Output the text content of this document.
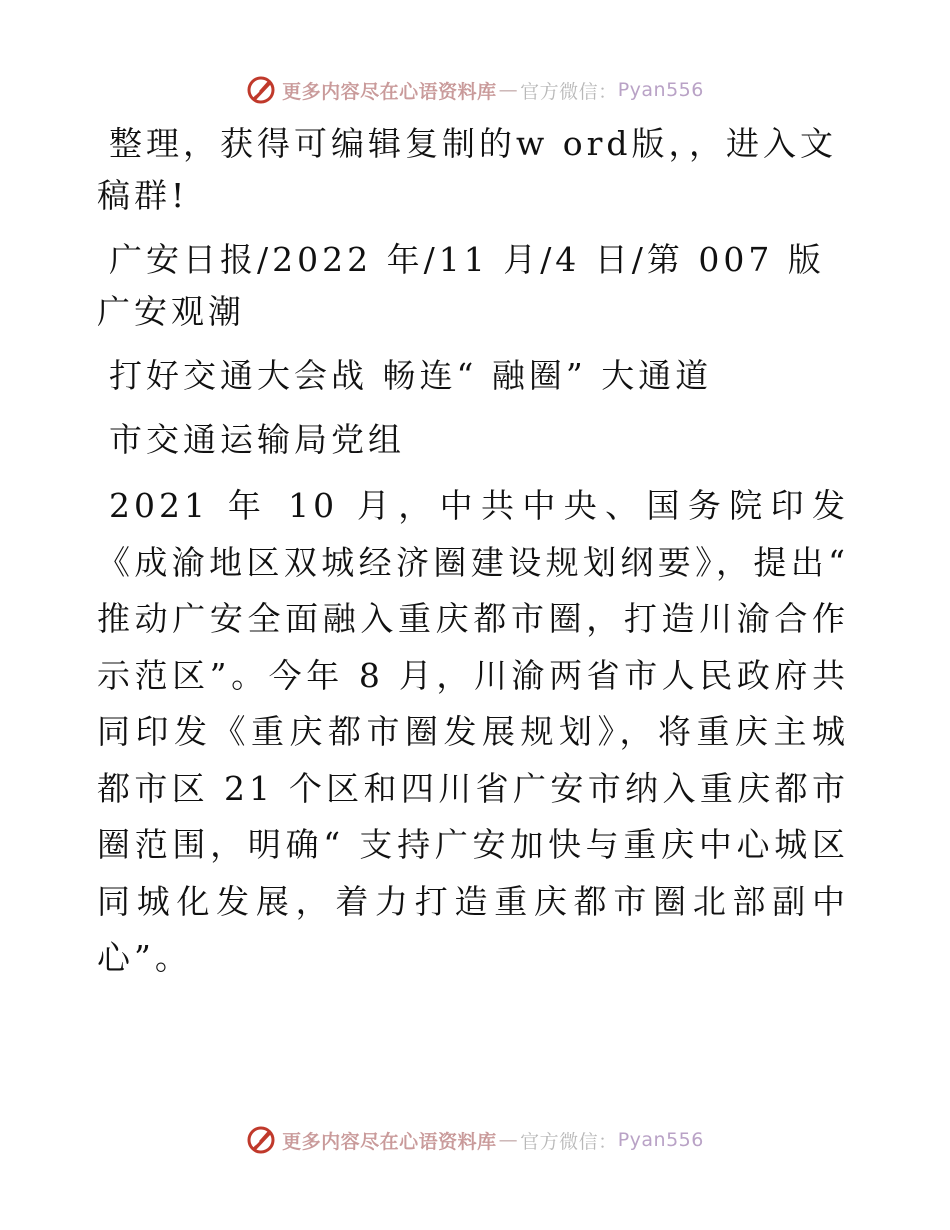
更多内容尽在心语资料库 — 官方微信： Pyan556

整理，获得可编辑复制的w ord版，，进入文稿群!

广安日报/2022 年/11 月/4 日/第 007 版广安观潮

打好交通大会战 畅连“ 融圈” 大通道

市交通运输局党组

2021 年 10 月，中共中央、国务院印发《成渝地区双城经济圈建设规划纲要》，提出“ 推动广安全面融入重庆都市圈，打造川渝合作示范区”。今年 8 月，川渝两省市人民政府共同印发《重庆都市圈发展规划》，将重庆主城都市区 21 个区和四川省广安市纳入重庆都市圈范围，明确“ 支持广安加快与重庆中心城区同城化发展，着力打造重庆都市圈北部副中心”。

更多内容尽在心语资料库 — 官方微信： Pyan556
